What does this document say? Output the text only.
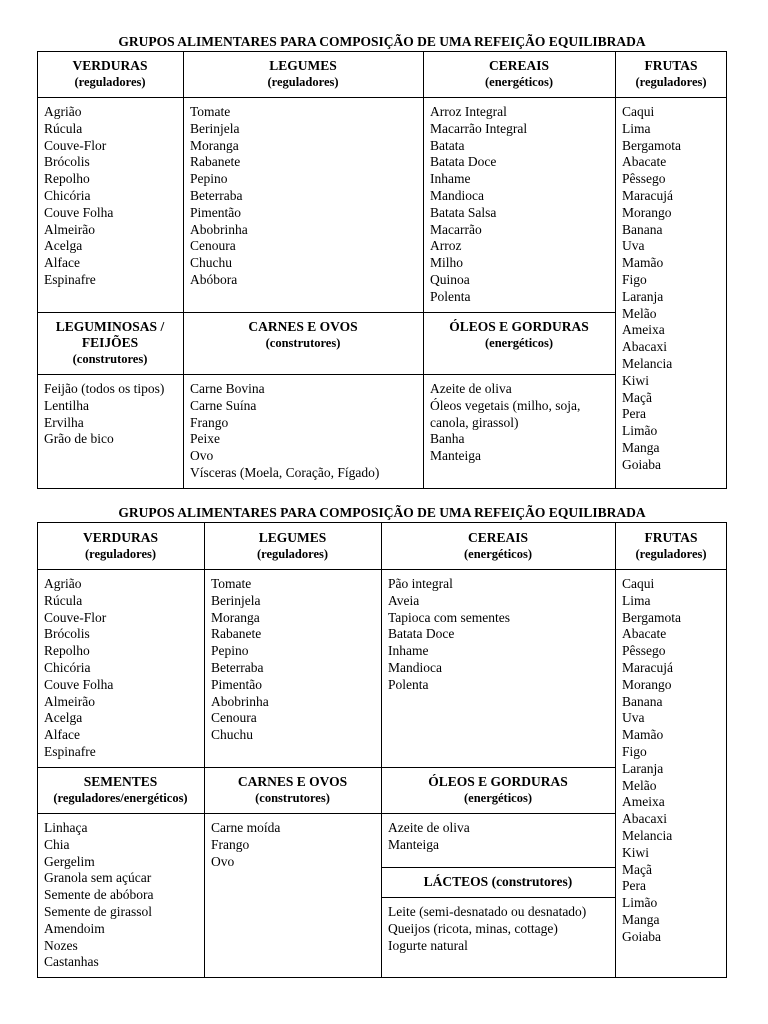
GRUPOS ALIMENTARES PARA COMPOSIÇÃO DE UMA REFEIÇÃO EQUILIBRADA
VERDURAS
(reguladores)
LEGUMES
(reguladores)
CEREAIS
(energéticos)
FRUTAS
(reguladores)
Agrião
Rúcula
Couve-Flor
Brócolis
Repolho
Chicória
Couve Folha
Almeirão
Acelga
Alface
Espinafre
Tomate
Berinjela
Moranga
Rabanete
Pepino
Beterraba
Pimentão
Abobrinha
Cenoura
Chuchu
Abóbora
Arroz Integral
Macarrão Integral
Batata
Batata Doce
Inhame
Mandioca
Batata Salsa
Macarrão
Arroz
Milho
Quinoa
Polenta
Caqui
Lima
Bergamota
Abacate
Pêssego
Maracujá
Morango
Banana
Uva
Mamão
Figo
Laranja
Melão
Ameixa
Abacaxi
Melancia
Kiwi
Maçã
Pera
Limão
Manga
Goiaba
LEGUMINOSAS /
FEIJÕES
(construtores)
CARNES E OVOS
(construtores)
ÓLEOS E GORDURAS
(energéticos)
Feijão (todos os tipos)
Lentilha
Ervilha
Grão de bico
Carne Bovina
Carne Suína
Frango
Peixe
Ovo
Vísceras (Moela, Coração, Fígado)
Azeite de oliva
Óleos vegetais (milho, soja, canola, girassol)
Banha
Manteiga
GRUPOS ALIMENTARES PARA COMPOSIÇÃO DE UMA REFEIÇÃO EQUILIBRADA
VERDURAS
(reguladores)
LEGUMES
(reguladores)
CEREAIS
(energéticos)
FRUTAS
(reguladores)
Agrião
Rúcula
Couve-Flor
Brócolis
Repolho
Chicória
Couve Folha
Almeirão
Acelga
Alface
Espinafre
Tomate
Berinjela
Moranga
Rabanete
Pepino
Beterraba
Pimentão
Abobrinha
Cenoura
Chuchu
Pão integral
Aveia
Tapioca com sementes
Batata Doce
Inhame
Mandioca
Polenta
Caqui
Lima
Bergamota
Abacate
Pêssego
Maracujá
Morango
Banana
Uva
Mamão
Figo
Laranja
Melão
Ameixa
Abacaxi
Melancia
Kiwi
Maçã
Pera
Limão
Manga
Goiaba
SEMENTES
(reguladores/energéticos)
CARNES E OVOS
(construtores)
ÓLEOS E GORDURAS
(energéticos)
Linhaça
Chia
Gergelim
Granola sem açúcar
Semente de abóbora
Semente de girassol
Amendoim
Nozes
Castanhas
Carne moída
Frango
Ovo
Azeite de oliva
Manteiga
LÁCTEOS (construtores)
Leite (semi-desnatado ou desnatado)
Queijos (ricota, minas, cottage)
Iogurte natural
